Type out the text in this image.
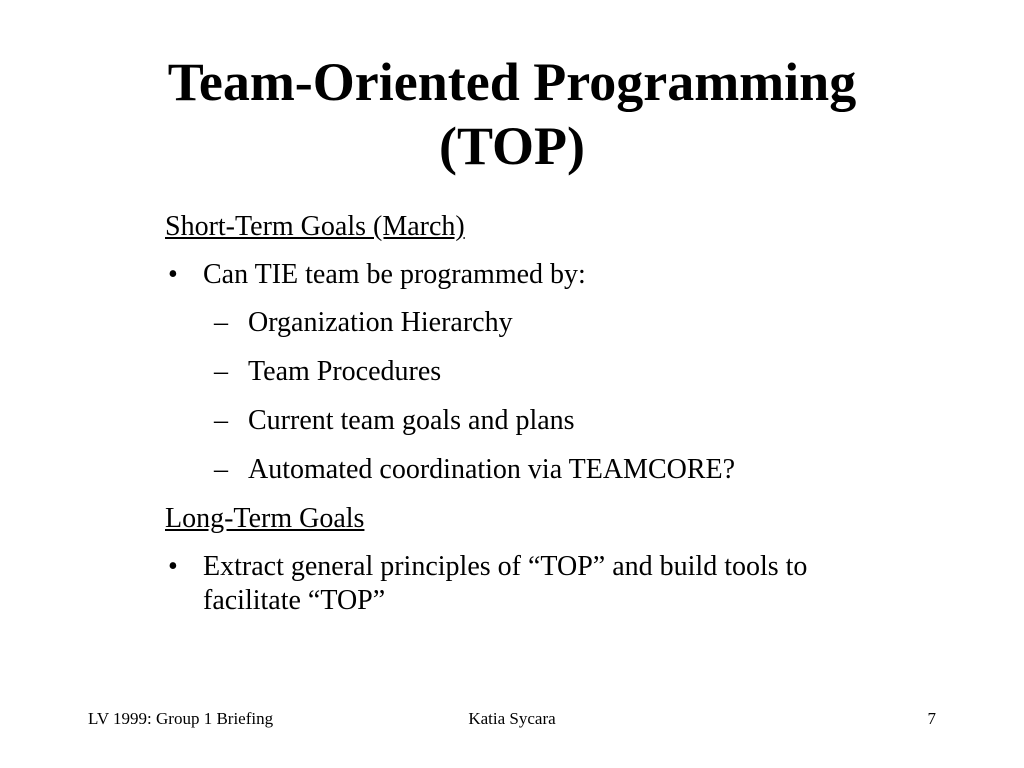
Team-Oriented Programming
(TOP)
Short-Term Goals (March)
• Can TIE team be programmed by:
– Organization Hierarchy
– Team Procedures
– Current team goals and plans
– Automated coordination via TEAMCORE?
Long-Term Goals
• Extract general principles of “TOP” and build tools to facilitate “TOP”
LV 1999: Group 1 Briefing	Katia Sycara	7
